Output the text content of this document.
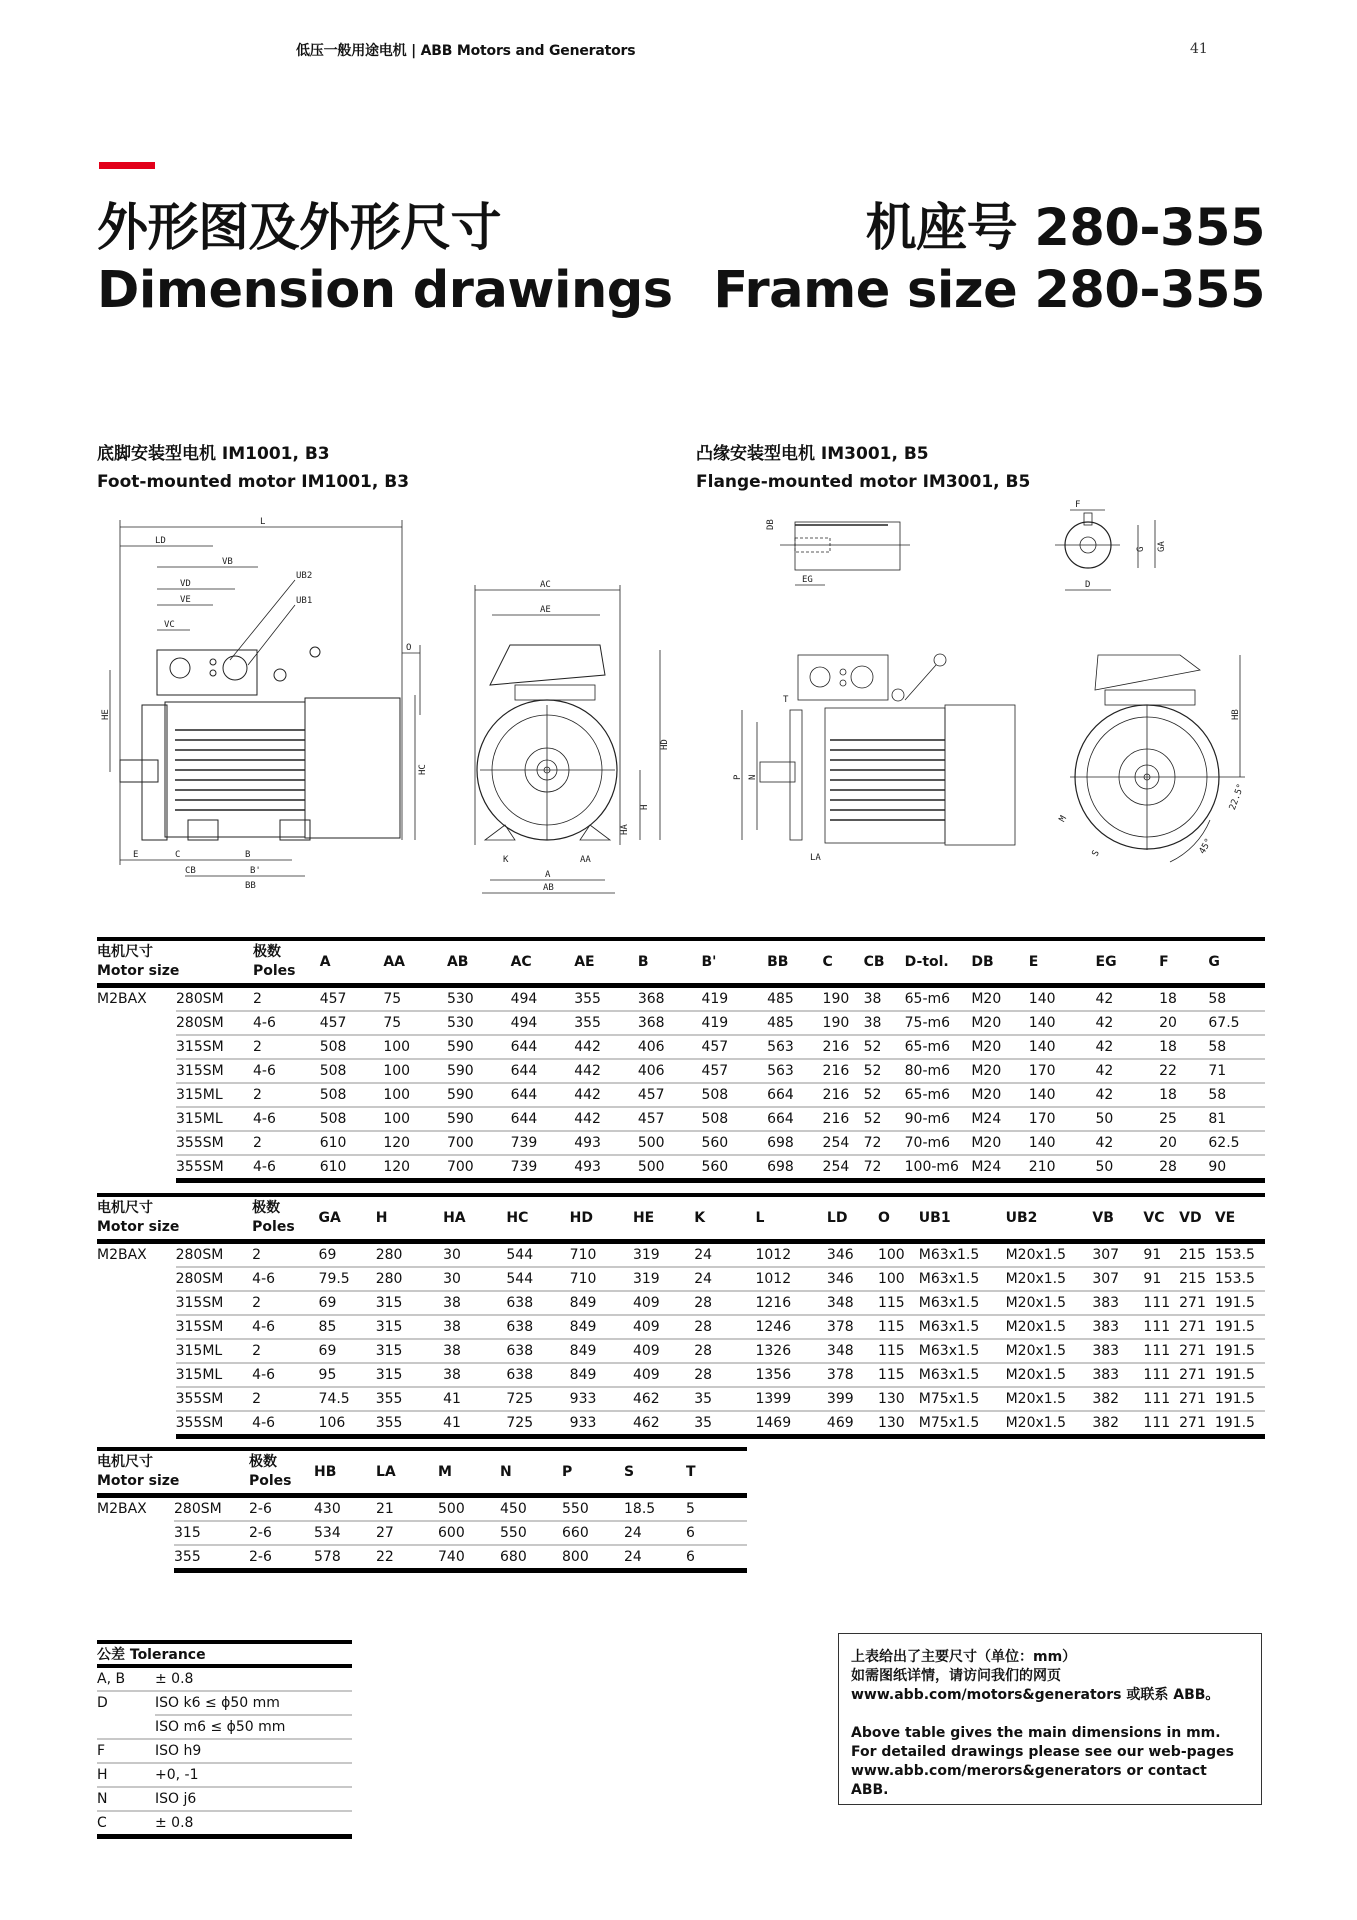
低压一般用途电机 | ABB Motors and Generators	41
外形图及外形尺寸
Dimension drawings
机座号 280-355
Frame size 280-355
底脚安装型电机 IM1001, B3
Foot-mounted motor IM1001, B3
凸缘安装型电机 IM3001, B5
Flange-mounted motor IM3001, B5
L
LD
VB
VD
VE
VC
UB2
UB1
O
HE
HC
E	C	B
CB	B'
BB
AC
AE
HD
H
HA
K	AA
A
AB
DB
EG
F
G GA
D
P N
T
LA
HB
M
S
22.5°
45°
电机尺寸
Motor size

极数
Poles
	A	AA	AB	AC	AE	B	B'	BB	C	CB	D-tol.	DB	E	EG	F	G
M2BAX	280SM	2	457	75	530	494	355	368	419	485	190	38	65-m6	M20	140	42	18	58
	280SM	4-6	457	75	530	494	355	368	419	485	190	38	75-m6	M20	140	42	20	67.5
	315SM	2	508	100	590	644	442	406	457	563	216	52	65-m6	M20	140	42	18	58
	315SM	4-6	508	100	590	644	442	406	457	563	216	52	80-m6	M20	170	42	22	71
	315ML	2	508	100	590	644	442	457	508	664	216	52	65-m6	M20	140	42	18	58
	315ML	4-6	508	100	590	644	442	457	508	664	216	52	90-m6	M24	170	50	25	81
	355SM	2	610	120	700	739	493	500	560	698	254	72	70-m6	M20	140	42	20	62.5
	355SM	4-6	610	120	700	739	493	500	560	698	254	72	100-m6	M24	210	50	28	90
电机尺寸
Motor size

极数
Poles
	GA	H	HA	HC	HD	HE	K	L	LD	O	UB1	UB2	VB	VC	VD	VE
M2BAX	280SM	2	69	280	30	544	710	319	24	1012	346	100	M63x1.5	M20x1.5	307	91	215	153.5
	280SM	4-6	79.5	280	30	544	710	319	24	1012	346	100	M63x1.5	M20x1.5	307	91	215	153.5
	315SM	2	69	315	38	638	849	409	28	1216	348	115	M63x1.5	M20x1.5	383	111	271	191.5
	315SM	4-6	85	315	38	638	849	409	28	1246	378	115	M63x1.5	M20x1.5	383	111	271	191.5
	315ML	2	69	315	38	638	849	409	28	1326	348	115	M63x1.5	M20x1.5	383	111	271	191.5
	315ML	4-6	95	315	38	638	849	409	28	1356	378	115	M63x1.5	M20x1.5	383	111	271	191.5
	355SM	2	74.5	355	41	725	933	462	35	1399	399	130	M75x1.5	M20x1.5	382	111	271	191.5
	355SM	4-6	106	355	41	725	933	462	35	1469	469	130	M75x1.5	M20x1.5	382	111	271	191.5
电机尺寸
Motor size

极数
Poles
	HB	LA	M	N	P	S	T
M2BAX	280SM	2-6	430	21	500	450	550	18.5	5
	315	2-6	534	27	600	550	660	24	6
	355	2-6	578	22	740	680	800	24	6
公差 Tolerance	
A, B	± 0.8
D	ISO k6 ≤ ϕ50 mm
	ISO m6 ≤ ϕ50 mm
F	ISO h9
H	+0, -1
N	ISO j6
C	± 0.8

上表给出了主要尺寸（单位：mm）

如需图纸详情，请访问我们的网页

www.abb.com/motors&generators 或联系 ABB。

Above table gives the main dimensions in mm.

For detailed drawings please see our web-pages

www.abb.com/merors&generators or contact ABB.
